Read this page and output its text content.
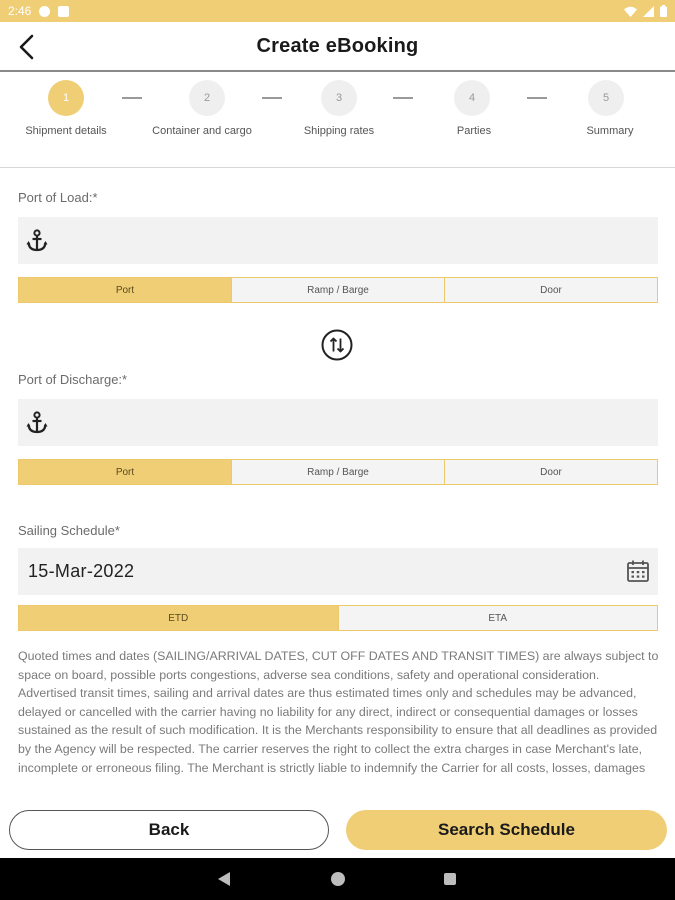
2:46
Create eBooking
1
Shipment details
2
Container and cargo
3
Shipping rates
4
Parties
5
Summary
Port of Load:*
Port	Ramp / Barge	Door
Port of Discharge:*
Port	Ramp / Barge	Door
Sailing Schedule*
15-Mar-2022
ETD	ETA
Quoted times and dates (SAILING/ARRIVAL DATES, CUT OFF DATES AND TRANSIT TIMES) are always subject to space on board, possible ports congestions, adverse sea conditions, safety and operational consideration. Advertised transit times, sailing and arrival dates are thus estimated times only and schedules may be advanced, delayed or cancelled with the carrier having no liability for any direct, indirect or consequential damages or losses sustained as the result of such modification. It is the Merchants responsibility to ensure that all deadlines as provided by the Agency will be respected. The carrier reserves the right to collect the extra charges in case Merchant's late, incomplete or erroneous filing. The Merchant is strictly liable to indemnify the Carrier for all costs, losses, damages
Back	Search Schedule
